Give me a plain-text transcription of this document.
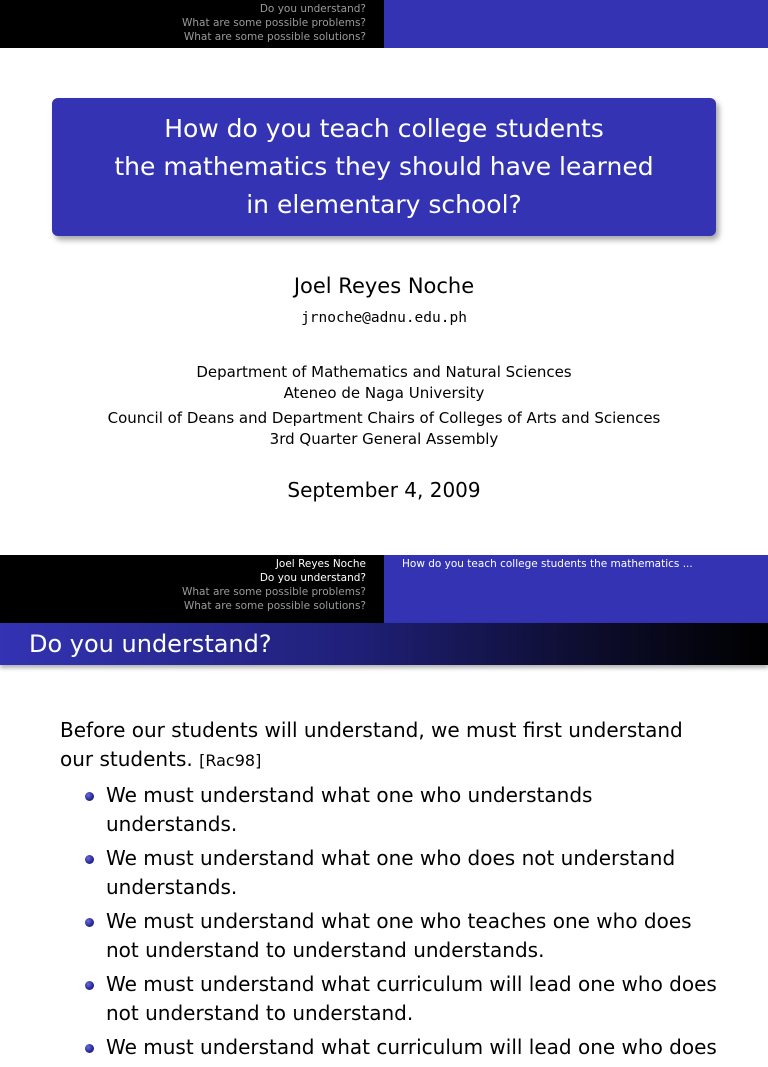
Do you understand?
What are some possible problems?
What are some possible solutions?
How do you teach college students
the mathematics they should have learned
in elementary school?
Joel Reyes Noche
jrnoche@adnu.edu.ph
Department of Mathematics and Natural Sciences
Ateneo de Naga University
Council of Deans and Department Chairs of Colleges of Arts and Sciences
3rd Quarter General Assembly
September 4, 2009
Joel Reyes Noche
Do you understand?
What are some possible problems?
What are some possible solutions?
How do you teach college students the mathematics ...
Do you understand?
Before our students will understand, we must first understand our students. [Rac98]
We must understand what one who understands understands.
We must understand what one who does not understand understands.
We must understand what one who teaches one who does not understand to understand understands.
We must understand what curriculum will lead one who does not understand to understand.
We must understand what curriculum will lead one who does
